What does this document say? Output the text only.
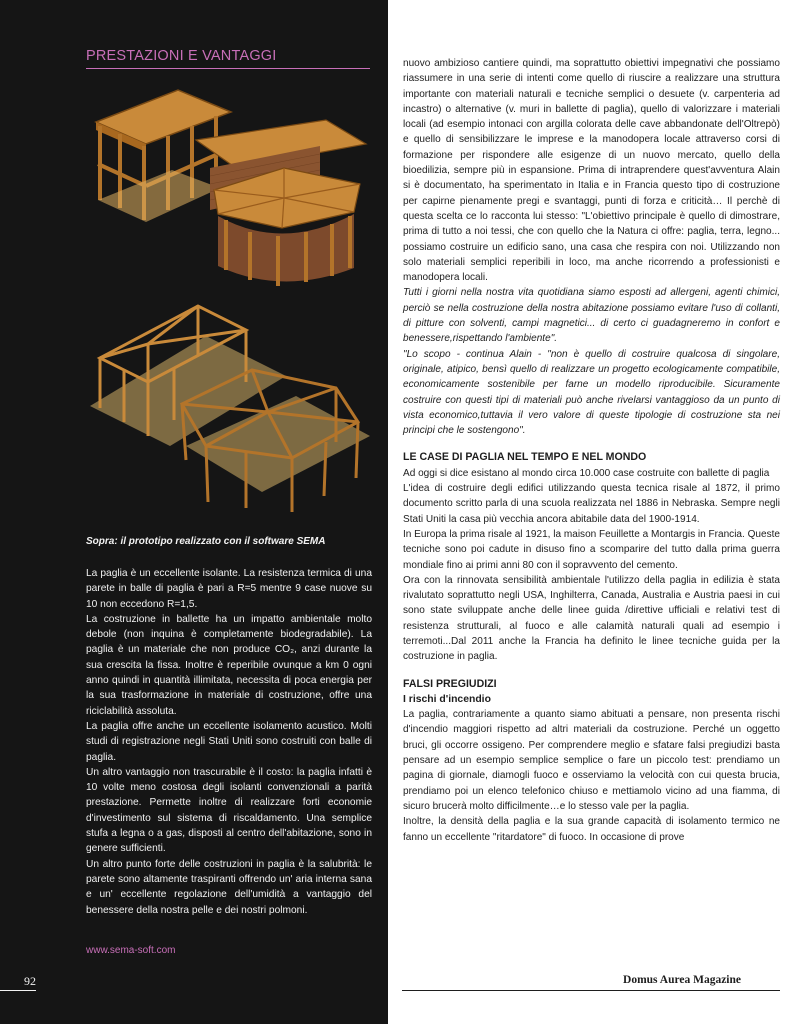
PRESTAZIONI E VANTAGGI
Sopra: il prototipo realizzato con il software SEMA

La paglia è un eccellente isolante. La resistenza termica di una parete in balle di paglia è pari a R=5 mentre 9 case nuove su 10 non eccedono R=1,5.

La costruzione in ballette ha un impatto ambientale molto debole (non inquina è completamente biodegradabile). La paglia è un materiale che non produce CO₂, anzi durante la sua crescita la fissa. Inoltre è reperibile ovunque a km 0 ogni anno quindi in quantità illimitata, necessita di poca energia per la sua trasformazione in materiale di costruzione, offre una riciclabilità assoluta.

La paglia offre anche un eccellente isolamento acustico. Molti studi di registrazione negli Stati Uniti sono costruiti con balle di paglia.

Un altro vantaggio non trascurabile è il costo: la paglia infatti è 10 volte meno costosa degli isolanti convenzionali a parità prestazione. Permette inoltre di realizzare forti economie d'investimento sul sistema di riscaldamento. Una semplice stufa a legna o a gas, disposti al centro dell'abitazione, sono in genere sufficienti.

Un altro punto forte delle costruzioni in paglia è la salubrità: le parete sono altamente traspiranti offrendo un' aria interna sana e un' eccellente regolazione dell'umidità a vantaggio del benessere della nostra pelle e dei nostri polmoni.

www.sema-soft.com
92

nuovo ambizioso cantiere quindi, ma soprattutto obiettivi impegnativi che possiamo riassumere in una serie di intenti come quello di riuscire a realizzare una struttura importante con materiali naturali e tecniche semplici o desuete (v. carpenteria ad incastro) o alternative (v. muri in ballette di paglia), quello di valorizzare i materiali locali (ad esempio intonaci con argilla colorata delle cave abbandonate dell'Oltrepò) e quello di sensibilizzare le imprese e la manodopera locale attraverso corsi di formazione per rispondere alle esigenze di un nuovo mercato, quello della bioedilizia, sempre più in espansione. Prima di intraprendere quest'avventura Alain si è documentato, ha sperimentato in Italia e in Francia questo tipo di costruzione per capirne pienamente pregi e svantaggi, punti di forza e criticità… Il perchè di questa scelta ce lo racconta lui stesso: "L'obiettivo principale è quello di dimostrare, prima di tutto a noi tessi, che con quello che la Natura ci offre: paglia, terra, legno... possiamo costruire un edificio sano, una casa che respira con noi. Utilizzando non solo materiali semplici reperibili in loco, ma anche ricorrendo a professionisti e manodopera locali.

Tutti i giorni nella nostra vita quotidiana siamo esposti ad allergeni, agenti chimici, perciò se nella costruzione della nostra abitazione possiamo evitare l'uso di collanti, di pitture con solventi, campi magnetici... di certo ci guadagneremo in confort e benessere,rispettando l'ambiente".

"Lo scopo - continua Alain - "non è quello di costruire qualcosa di singolare, originale, atipico, bensì quello di realizzare un progetto ecologicamente compatibile, economicamente sostenibile per farne un modello riproducibile. Sicuramente costruire con questi tipi di materiali può anche rivelarsi vantaggioso da un punto di vista economico,tuttavia il vero valore di queste tipologie di costruzione sta nei principi che le sostengono".

LE CASE DI PAGLIA NEL TEMPO E NEL MONDO

Ad oggi si dice esistano al mondo circa 10.000 case costruite con ballette di paglia

L'idea di costruire degli edifici utilizzando questa tecnica risale al 1872, il primo documento scritto parla di una scuola realizzata nel 1886 in Nebraska. Sempre negli Stati Uniti la casa più vecchia ancora abitabile data del 1900-1914.

In Europa la prima risale al 1921, la maison Feuillette a Montargis in Francia. Queste tecniche sono poi cadute in disuso fino a scomparire del tutto dalla prima guerra mondiale fino ai primi anni 80 con il sopravvento del cemento.

Ora con la rinnovata sensibilità ambientale l'utilizzo della paglia in edilizia è stata rivalutato soprattutto negli USA, Inghilterra, Canada, Australia e Austria paesi in cui sono state sviluppate anche delle linee guida /direttive ufficiali e relativi test di resistenza strutturali, al fuoco e alle calamità naturali quali ad esempio i terremoti...Dal 2011 anche la Francia ha definito le linee tecniche guida per la costruzione in paglia.

FALSI PREGIUDIZI
I rischi d'incendio

La paglia, contrariamente a quanto siamo abituati a pensare, non presenta rischi d'incendio maggiori rispetto ad altri materiali da costruzione. Perché un oggetto bruci, gli occorre ossigeno. Per comprendere meglio e sfatare falsi pregiudizi basta pensare ad un esempio semplice semplice o fare un piccolo test: prendiamo un pagina di giornale, diamogli fuoco e osserviamo la velocità con cui questa brucia, prendiamo poi un elenco telefonico chiuso e mettiamolo vicino ad una fiamma, di sicuro brucerà molto difficilmente…e lo stesso vale per la paglia.

Inoltre, la densità della paglia e la sua grande capacità di isolamento termico ne fanno un eccellente "ritardatore" di fuoco. In occasione di prove

Domus Aurea Magazine
